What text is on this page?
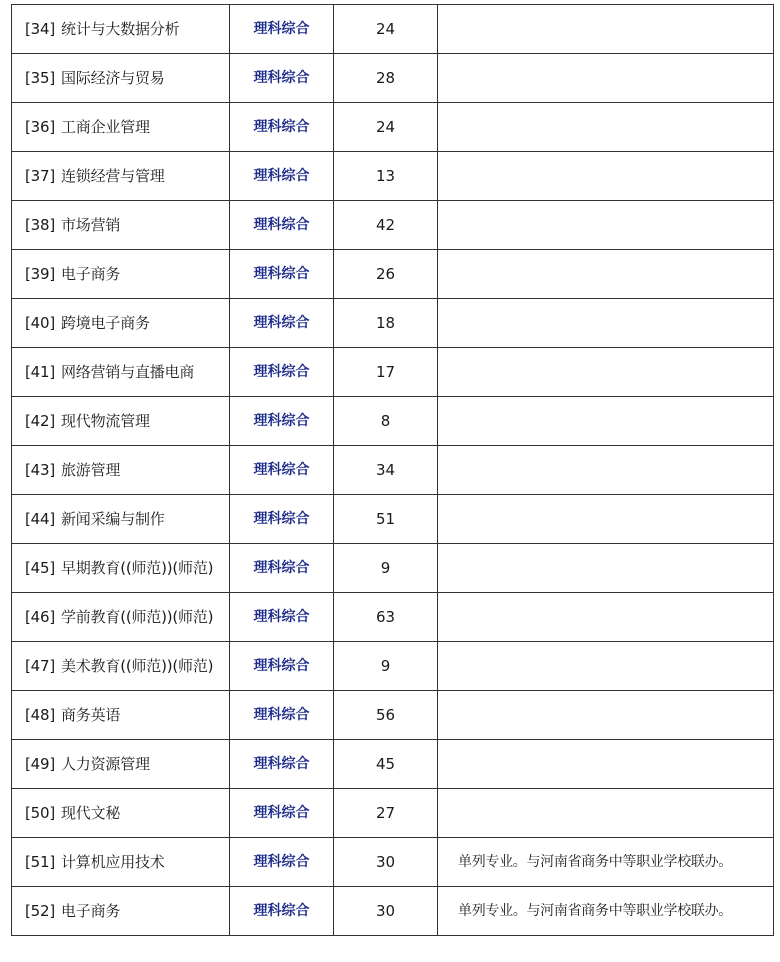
[34] 统计与大数据分析	理科综合	24	
[35] 国际经济与贸易	理科综合	28	
[36] 工商企业管理	理科综合	24	
[37] 连锁经营与管理	理科综合	13	
[38] 市场营销	理科综合	42	
[39] 电子商务	理科综合	26	
[40] 跨境电子商务	理科综合	18	
[41] 网络营销与直播电商	理科综合	17	
[42] 现代物流管理	理科综合	8	
[43] 旅游管理	理科综合	34	
[44] 新闻采编与制作	理科综合	51	
[45] 早期教育((师范))(师范)	理科综合	9	
[46] 学前教育((师范))(师范)	理科综合	63	
[47] 美术教育((师范))(师范)	理科综合	9	
[48] 商务英语	理科综合	56	
[49] 人力资源管理	理科综合	45	
[50] 现代文秘	理科综合	27	
[51] 计算机应用技术	理科综合	30	单列专业。与河南省商务中等职业学校联办。
[52] 电子商务	理科综合	30	单列专业。与河南省商务中等职业学校联办。
